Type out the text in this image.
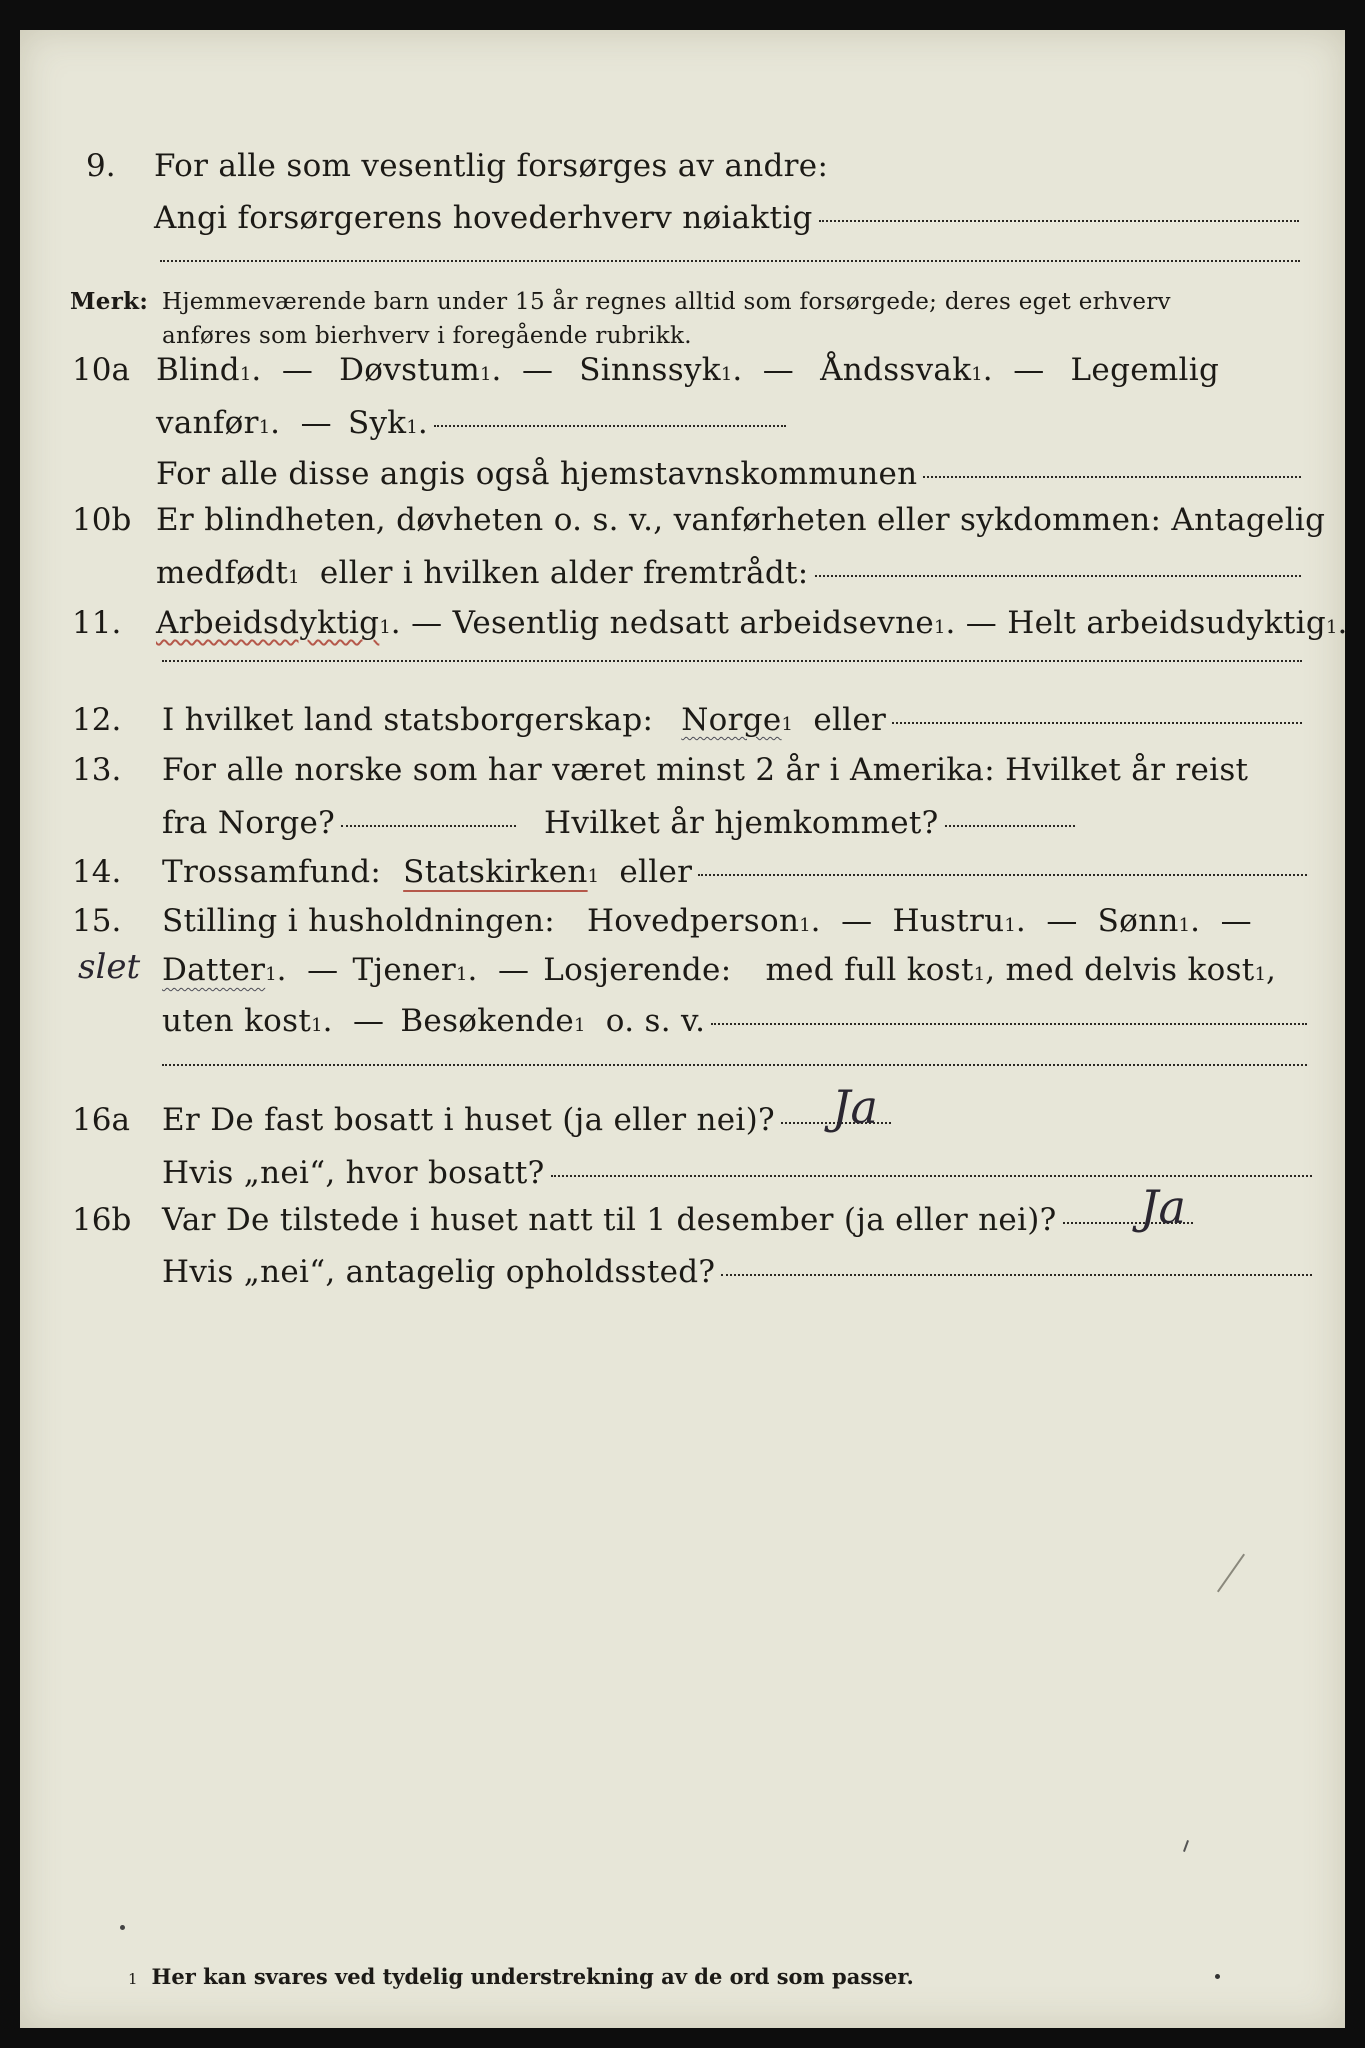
9. For alle som vesentlig forsørges av andre:
Angi forsørgerens hovederhverv nøiaktig
Merk: Hjemmeværende barn under 15 år regnes alltid som forsørgede; deres eget erhverv
anføres som bierhverv i foregående rubrikk.
10a Blind 1 . — Døvstum 1 . — Sinnssyk 1 . — Åndssvak 1 . — Legemlig
vanfør 1 . — Syk 1 .
For alle disse angis også hjemstavnskommunen
10b Er blindheten, døvheten o. s. v., vanførheten eller sykdommen: Antagelig
medfødt 1
eller i hvilken alder fremtrådt:
11. Arbeidsdyktig 1 . —
Vesentlig nedsatt arbeidsevne 1 . —
Helt arbeidsudyktig 1 .
12. I hvilket land statsborgerskap: Norge 1
eller
13. For alle norske som har været minst 2 år i Amerika: Hvilket år reist
fra Norge?	Hvilket år hjemkommet?
14. Trossamfund: Statskirken 1
eller
15. Stilling i husholdningen: Hovedperson 1 . — Hustru 1 . — Sønn 1 . —
slet Datter 1 . — Tjener 1 . — Losjerende: med full kost 1 , med delvis kost 1 ,
uten kost 1 . — Besøkende 1
o. s. v.
16a Er De fast bosatt i huset (ja eller nei)? Ja
Hvis „nei“, hvor bosatt?
16b Var De tilstede i huset natt til 1 desember (ja eller nei)? Ja
Hvis „nei“, antagelig opholdssted?
1 Her kan svares ved tydelig understrekning av de ord som passer.
